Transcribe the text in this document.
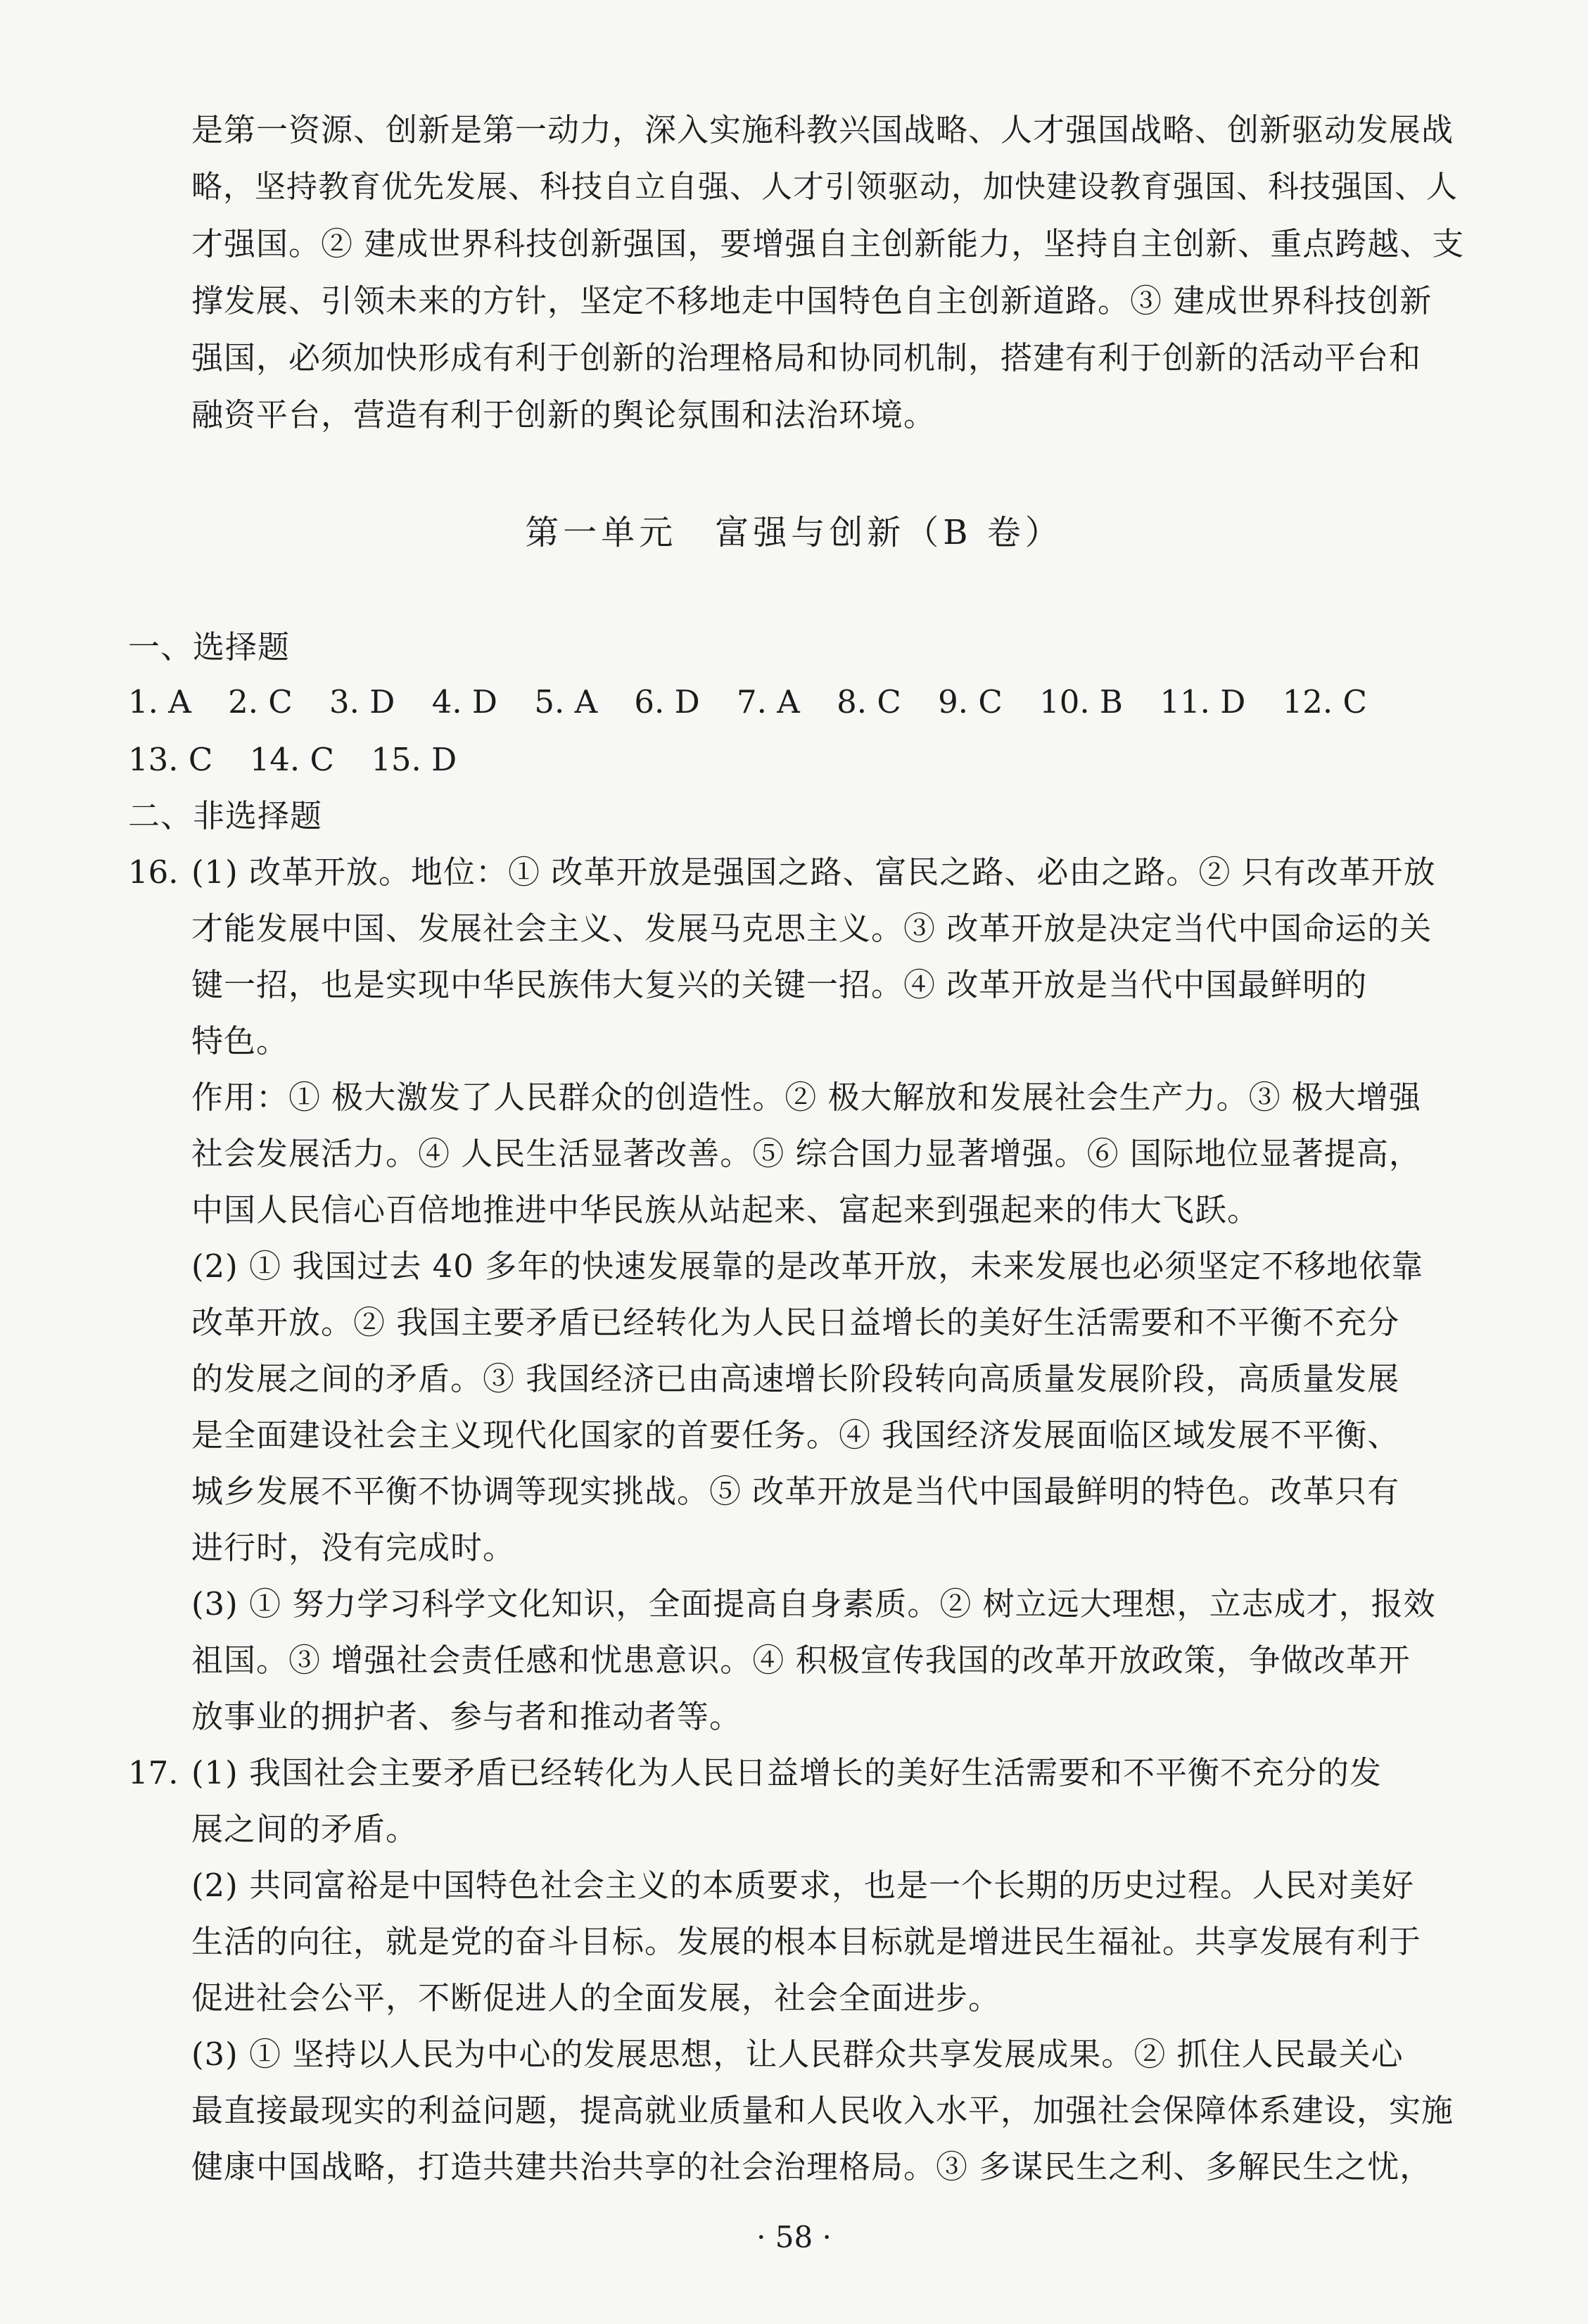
是第一资源、创新是第一动力，深入实施科教兴国战略、人才强国战略、创新驱动发展战
略，坚持教育优先发展、科技自立自强、人才引领驱动，加快建设教育强国、科技强国、人
才强国。② 建成世界科技创新强国，要增强自主创新能力，坚持自主创新、重点跨越、支
撑发展、引领未来的方针，坚定不移地走中国特色自主创新道路。③ 建成世界科技创新
强国，必须加快形成有利于创新的治理格局和协同机制，搭建有利于创新的活动平台和
融资平台，营造有利于创新的舆论氛围和法治环境。
第一单元　富强与创新（B 卷）
一、选择题
1. A 2. C 3. D 4. D 5. A 6. D 7. A 8. C 9. C 10. B 11. D 12. C
13. C 14. C 15. D
二、非选择题
16. (1) 改革开放。地位：① 改革开放是强国之路、富民之路、必由之路。② 只有改革开放
才能发展中国、发展社会主义、发展马克思主义。③ 改革开放是决定当代中国命运的关
键一招，也是实现中华民族伟大复兴的关键一招。④ 改革开放是当代中国最鲜明的
特色。
作用：① 极大激发了人民群众的创造性。② 极大解放和发展社会生产力。③ 极大增强
社会发展活力。④ 人民生活显著改善。⑤ 综合国力显著增强。⑥ 国际地位显著提高，
中国人民信心百倍地推进中华民族从站起来、富起来到强起来的伟大飞跃。
(2) ① 我国过去 40 多年的快速发展靠的是改革开放，未来发展也必须坚定不移地依靠
改革开放。② 我国主要矛盾已经转化为人民日益增长的美好生活需要和不平衡不充分
的发展之间的矛盾。③ 我国经济已由高速增长阶段转向高质量发展阶段，高质量发展
是全面建设社会主义现代化国家的首要任务。④ 我国经济发展面临区域发展不平衡、
城乡发展不平衡不协调等现实挑战。⑤ 改革开放是当代中国最鲜明的特色。改革只有
进行时，没有完成时。
(3) ① 努力学习科学文化知识，全面提高自身素质。② 树立远大理想，立志成才，报效
祖国。③ 增强社会责任感和忧患意识。④ 积极宣传我国的改革开放政策，争做改革开
放事业的拥护者、参与者和推动者等。
17. (1) 我国社会主要矛盾已经转化为人民日益增长的美好生活需要和不平衡不充分的发
展之间的矛盾。
(2) 共同富裕是中国特色社会主义的本质要求，也是一个长期的历史过程。人民对美好
生活的向往，就是党的奋斗目标。发展的根本目标就是增进民生福祉。共享发展有利于
促进社会公平，不断促进人的全面发展，社会全面进步。
(3) ① 坚持以人民为中心的发展思想，让人民群众共享发展成果。② 抓住人民最关心
最直接最现实的利益问题，提高就业质量和人民收入水平，加强社会保障体系建设，实施
健康中国战略，打造共建共治共享的社会治理格局。③ 多谋民生之利、多解民生之忧，
· 58 ·
